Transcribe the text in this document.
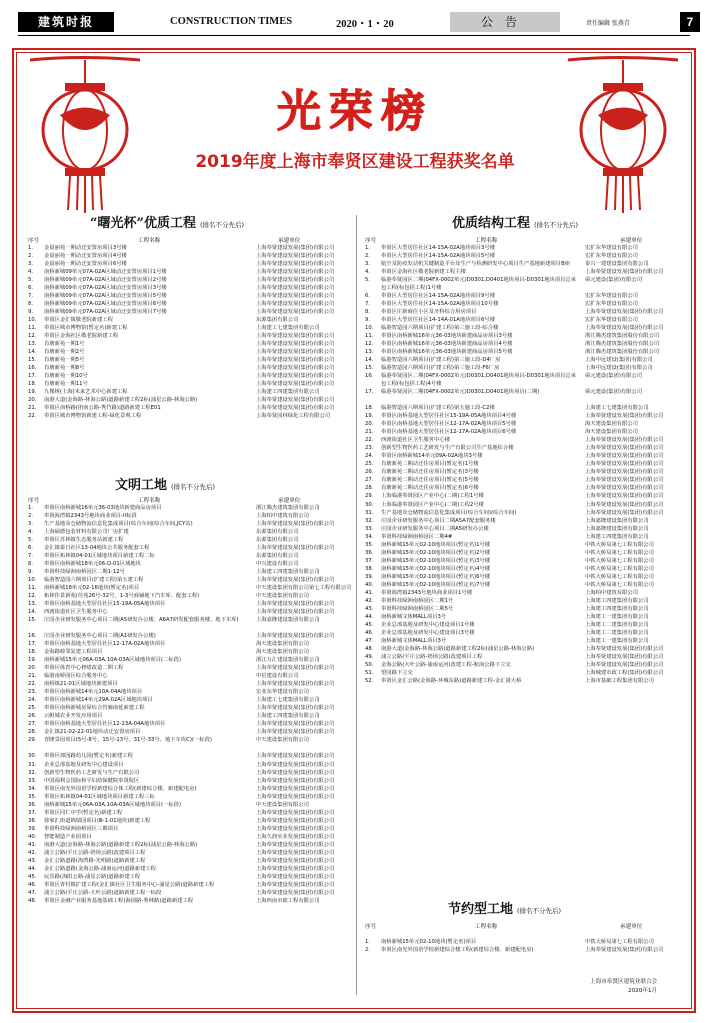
建筑时报	CONSTRUCTION TIMES	2020・1・20	公告	责任编辑 张燕青	7
光荣榜
2019年度上海市奉贤区建设工程获奖名单
“曙光杯”优质工程 (排名不分先后)
序号	工程名称	承建单位
1.	金晨丽苑一期动迁安置房项目3号楼	上海奉贤建设发展(集团)有限公司
2.	金晨丽苑一期动迁安置房项目4号楼	上海奉贤建设发展(集团)有限公司
3.	金晨丽苑一期动迁安置房项目6号楼	上海奉贤建设发展(集团)有限公司
4.	南桥新城09单元07A-02A区域动迁安置房项目1号楼	上海奉贤建设发展(集团)有限公司
5.	南桥新城09单元07A-02A区域动迁安置房项目2号楼	上海奉贤建设发展(集团)有限公司
6.	南桥新城09单元07A-02A区域动迁安置房项目3号楼	上海奉贤建设发展(集团)有限公司
7.	南桥新城09单元07A-02A区域动迁安置房项目5号楼	上海奉贤建设发展(集团)有限公司
8.	南桥新城09单元07A-02A区域动迁安置房项目6号楼	上海奉贤建设发展(集团)有限公司
9.	南桥新城09单元07A-02A区域动迁安置房项目7号楼	上海奉贤建设发展(集团)有限公司
10.	奉贤区金汇镇敬老院新建工程	东源集团有限公司
11.	奉贤区城市博物馆(暂定名)新建工程	上海建工七建集团有限公司
12.	奉贤区金海社区敬老院新建工程	上海奉贤建设发展(集团)有限公司
13.	肖塘新苑一期1号	上海奉贤建设发展(集团)有限公司
14.	肖塘新苑一期2号	上海奉贤建设发展(集团)有限公司
15.	肖塘新苑一期5号	上海奉贤建设发展(集团)有限公司
16.	肖塘新苑一期8号	上海奉贤建设发展(集团)有限公司
17.	肖塘新苑一期10号	上海奉贤建设发展(集团)有限公司
18.	肖塘新苑一期11号	上海奉贤建设发展(集团)有限公司
19.	九棵树(上海)未来艺术中心新建工程	上海建工四建集团有限公司
20.	南港大道(金海路-林海公路)道路新建工程2标(浦星公路-林海公路)	上海奉贤建设发展(集团)有限公司
21.	奉贤区南桥路(团南公路-秀竹路)道路新建工程E01	上海奉贤建设发展(集团)有限公司
22.	奉贤区城市博物馆新建工程-绿化景观工程	上海奉贤园林绿化工程有限公司
文明工地 (排名不分先后)
序号	工程名称	承建单位
1.	奉贤区南桥新城16单元36-03地块新建商品房项目	浙江腾杰建筑集团有限公司
2.	奉贤海湾镇2343号地块商业项目-II标段	上海柏中建筑有限公司
3.	生产基地及仓储物流信息化集成项目(综合车间(综合车间,JCY站)	上海奉贤建设发展(集团)有限公司
4.	上海硕德包装材料有限公司厂房扩建	东源集团有限公司
5.	奉贤区苏林镇生态服务站新建工程	东源集团有限公司
6.	金汇镇泰日社区13-04地块公共服务配套工程	上海奉贤建设发展(集团)有限公司
7.	奉贤区柘林镇04-01区域地块项目新建工程二标	东源集团有限公司
8.	奉贤区南桥新城18单元06-D-01区域地块	中兴建设有限公司
9.	奉贤科技绿洲南桥园区二期1-12号	上海建工四建集团有限公司
10.	临港智造园六期项目(扩建工程)第五建工程	上海奉贤建设发展(集团)有限公司
11.	南桥新城18单元02-16地块(暂定名)项目	中天建设集团有限公司第七工程有限公司
12.	柘林佳景新苑(佳苑26号-32号、1-3号商铺地下汽车库、配套工程)	中天建设集团有限公司
13.	奉贤区南桥基地大型居住社区15-19A-05A地块项目	上海奉贤建设发展(集团)有限公司
14.	西渡街道社区卫生服务中心	上海奉贤建设发展(集团)有限公司
15.	庄园企业研发服务中心项目二期(A5研发办公楼、A6A7研发配套服务楼、地下车库)	上海嘉隆建设集团有限公司
16.	庄园企业研发服务中心项目二期(A1研发办公楼)	上海奉贤建设发展(集团)有限公司
17.	奉贤区南桥基地大型居住社区12-17A-02A地块项目	海天建设集团有限公司
18.	金海路睦邻复建工程项目	海天建设集团有限公司
19.	南桥新城15单元06A-03A,10A-03A区域地块项目(二标段)	浙江万汇建设集团有限公司
20.	奉贤区体育中心修缮改造二期工程	上海奉贤建设发展(集团)有限公司
21.	临港南桥园区综合服务中心	中启建设有限公司
22.	南桥镇21-01区域地块新建项目	上海奉贤建设发展(集团)有限公司
23.	奉贤区南桥新城14单元10A-04A地块项目	宏业东华建设有限公司
24.	奉贤区南桥新城14单元29A-02A区域地块项目	上海建工七建集团有限公司
25.	奉贤区南桥新城房屋综合管廊南延新建工程	上海奉贤建设发展(集团)有限公司
26.	云帆城农业开发应用项目	上海建工四建集团有限公司
27.	奉贤区南桥基地大型居住社区12-23A-04A地块项目	上海奉贤建设发展(集团)有限公司
28.	金汇镇21-02-22-01地块动迁安置房项目	上海奉贤建设发展(集团)有限公司
29.	青隆景园项目(5号-8号、15号-13号、31号-33号、地下车库C)(一标段)	中天建设集团有限公司
30.	奉贤区郊园路幼儿园(暂定名)新建工程	上海奉贤建设发展(集团)有限公司
31.	企业总部基地及研发中心建设项目	上海奉贤建设发展(集团)有限公司
32.	创新型生物医药工艺研发与生产有限公司	上海奉贤建设发展(集团)有限公司
33.	中国福利会国际和平妇幼保健院奉贤院区	上海奉贤建设发展(集团)有限公司
34.	奉贤区南光外国语学校新建综合体工程(新建综合楼、新建配电房)	上海奉贤建设发展(集团)有限公司
35.	奉贤区柘林镇04-01区域地块项目新建工程三标	上海奉贤建设发展(集团)有限公司
36.	南桥新城15单元06A-03A,10A-03A区域地块项目(一标段)	中天建设集团有限公司
37.	奉贤区同仁中学(暂定名)新建工程	上海奉贤建设发展(集团)有限公司
38.	徐家汇街道锦瑞园项目(Ⅲ-1-01地块)新建工程	上海奉贤建设发展(集团)有限公司
39.	奉贤科技绿洲南桥园区三期项目	上海奉贤建设发展(集团)有限公司
40.	智能制造产业园项目	上海久润实业发展(集团)有限公司
41.	南港大道(金海路-林海公路)道路新建工程2标(浦星公路-林海公路)	上海奉贤建设发展(集团)有限公司
42.	浦立公路(平庄公路-奶场公路)改建项目工程	上海奉贤建设发展(集团)有限公司
43.	金汇公路道路(海湾路-光明路)道路新建工程	上海奉贤建设发展(集团)有限公司
44.	金汇公路道路(金海公路-浦南运河)道路新建工程	上海奉贤建设发展(集团)有限公司
45.	民乐路(海阳公路-浦星公路)道路新建工程	上海奉贤建设发展(集团)有限公司
46.	奉贤区青村镇扩建工程(金汇镇社区卫生服务中心-浦星公路)道路新建工程	上海奉贤建设发展(集团)有限公司
47.	浦立公路(平庄公路-大叶公路)道路新建工程一标段	上海奉贤建设发展(集团)有限公司
48.	奉贤区金融产业服务基地基础工程(海园路-秀林路)道路新建工程	上海西南市政工程有限公司
优质结构工程 (排名不分先后)
序号	工程名称	承建单位
1.	奉贤区大型居住社区14-15A-02A地块项目3号楼	宏扩东华建设有限公司
2.	奉贤区大型居住社区14-15A-02A地块项目5号楼	宏扩东华建设有限公司
3.	航空及防疫发动机关键制造平台及生产与检测研发中心项目生产基地新建项目B座	泰兴一建建设集团有限公司
4.	奉贤区金海社区敬老院新建工程主楼	上海奉贤建设发展(集团)有限公司
5.	临港奉贤园区二期(04FX-0002单元)D0301,D0401地块项目-D0301地块项目总承包工程(标包括工程)1号楼
舜元建设(集团)有限公司
6.	奉贤区大型居住社区14-15A-02A地块项目9号楼	宏扩东华建设有限公司
7.	奉贤区大型居住社区14-15A-02A地块项目10号楼	宏扩东华建设有限公司
8.	奉贤区庄新商住小区及牙科综合用房项目	上海奉贤建设发展(集团)有限公司
9.	奉贤区大型居住社区14-14A-01A地块项目6号楼	宏扩东华建设有限公司
10.	临港智造园六期项目(扩建工程)第三施工段-综合楼	上海奉贤建设发展(集团)有限公司
11.	奉贤区南桥新城16单元36-03地块新建商品房项目3号楼	浙江腾杰建筑集团股份有限公司
12.	奉贤区南桥新城16单元36-03地块新建商品房项目4号楼	浙江腾杰建筑集团股份有限公司
13.	奉贤区南桥新城16单元36-03地块新建商品房项目5号楼	浙江腾杰建筑集团股份有限公司
14.	临港智造园六期项目(扩建工程)第三施工段-D4厂房	上海中远建设(集团)有限公司
15.	临港智造园六期项目(扩建工程)第三施工段-F6厂房	上海中远建设(集团)有限公司
16.	临港奉贤园区二期(04FX-0002单元)D0301,D0401地块项目-D0301地块项目总承包工程(标包括工程)4号楼
舜元建设(集团)有限公司
17.	临港奉贤园区二期(04FX-0002单元)D0301,D0401地块项目(二期)	舜元建设(集团)有限公司
18.	临港智造园六期项目(扩建工程)第五施工段-C2楼	上海建工七建集团有限公司
19.	奉贤区南桥基地大型居住社区15-19A-05A地块项目4号楼	上海奉贤建设发展(集团)有限公司
20.	奉贤区南桥基地大型居住社区12-17A-02A地块项目5号楼	海天建设集团有限公司
21.	奉贤区南桥基地大型居住社区12-17A-02A地块项目6号楼	海天建设集团有限公司
22.	西渡街道社区卫生服务中心楼	上海奉贤建设发展(集团)有限公司
23.	创新型生物医药工艺研发与生产有限公司生产基地综合楼	上海奉贤建设发展(集团)有限公司
24.	奉贤区南桥新城14单元09A-02A地块3号楼	上海奉贤建设发展(集团)有限公司
25.	肖塘新苑二期动迁住房项目(暂定名)1号楼	上海奉贤建设发展(集团)有限公司
26.	肖塘新苑二期动迁住房项目(暂定名)3号楼	上海奉贤建设发展(集团)有限公司
27.	肖塘新苑二期动迁住房项目(暂定名)5号楼	上海奉贤建设发展(集团)有限公司
28.	肖塘新苑二期动迁住房项目(暂定名)6号楼	上海奉贤建设发展(集团)有限公司
29.	上海临港奉贤园区产业中心(二期)工程1号楼	上海奉贤建设发展(集团)有限公司
30.	上海临港奉贤园区产业中心(二期)工程2号楼	上海奉贤建设发展(集团)有限公司
31.	生产基地及仓储物流信息化集成项目(综合车间)(综合车间)	上海奉贤建设发展(集团)有限公司
32.	庄园企业研发服务中心项目二期A5A7配套服务楼	上海嘉隆建设集团有限公司
33.	庄园企业研发服务中心项目二期A5研发办公楼	上海嘉隆建设集团有限公司
34.	奉贤科技绿洲南桥园区二期4#	上海建工四建集团有限公司
35.	南桥新城15单元02-10地块项目(暂定名)1号楼	中铁大桥局第七工程有限公司
36.	南桥新城15单元02-10地块项目(暂定名)2号楼	中铁大桥局第七工程有限公司
37.	南桥新城15单元02-10地块项目(暂定名)3号楼	中铁大桥局第七工程有限公司
38.	南桥新城15单元02-10地块项目(暂定名)4号楼	中铁大桥局第七工程有限公司
39.	南桥新城15单元02-10地块项目(暂定名)6号楼	中铁大桥局第七工程有限公司
40.	南桥新城15单元02-10地块项目(暂定名)7号楼	中铁大桥局第七工程有限公司
41.	奉贤海湾镇2343号地块商业项目1号楼	上海柏中建筑有限公司
42.	奉贤科技绿洲南桥园区二期1号	上海建工四建集团有限公司
43.	奉贤科技绿洲南桥园区二期5号	上海建工四建集团有限公司
44.	南桥新城文体MALL项目3号	上海建工一建集团有限公司
45.	企业总部基地及研发中心建设项目1号楼	上海建工二建集团有限公司
46.	企业总部基地及研发中心建设项目3号楼	上海建工二建集团有限公司
47.	南桥新城文体MALL项目3号	上海建工一建集团有限公司
48.	南港大道(金海路-林海公路)道路新建工程2标(浦星公路-林海公路)	上海奉贤建设发展(集团)有限公司
49.	浦立公路(平庄公路-奶场公路)改建项目工程	上海奉贤建设发展(集团)有限公司
50.	金海公路(大叶公路-浦南运河)改建工程-航南公路下立交	上海奉贤建设发展(集团)有限公司
51.	望园路下立交	上海城建市政工程(集团)有限公司
52.	奉贤区金汇公路(金海路-环城东路)道路新建工程-金汇港大桥	上海市基础工程集团有限公司
节约型工地 (排名不分先后)
序号	工程名称	承建单位
1.	南桥新城15单元02-10地块(暂定名)项目	中铁大桥局第七工程有限公司
2.	奉贤区南光外国语学校新建综合楼工程(新建综合楼、新建配电房)	上海奉贤建设发展(集团)有限公司
上海市奉贤区建筑业联合会
2020年1月
